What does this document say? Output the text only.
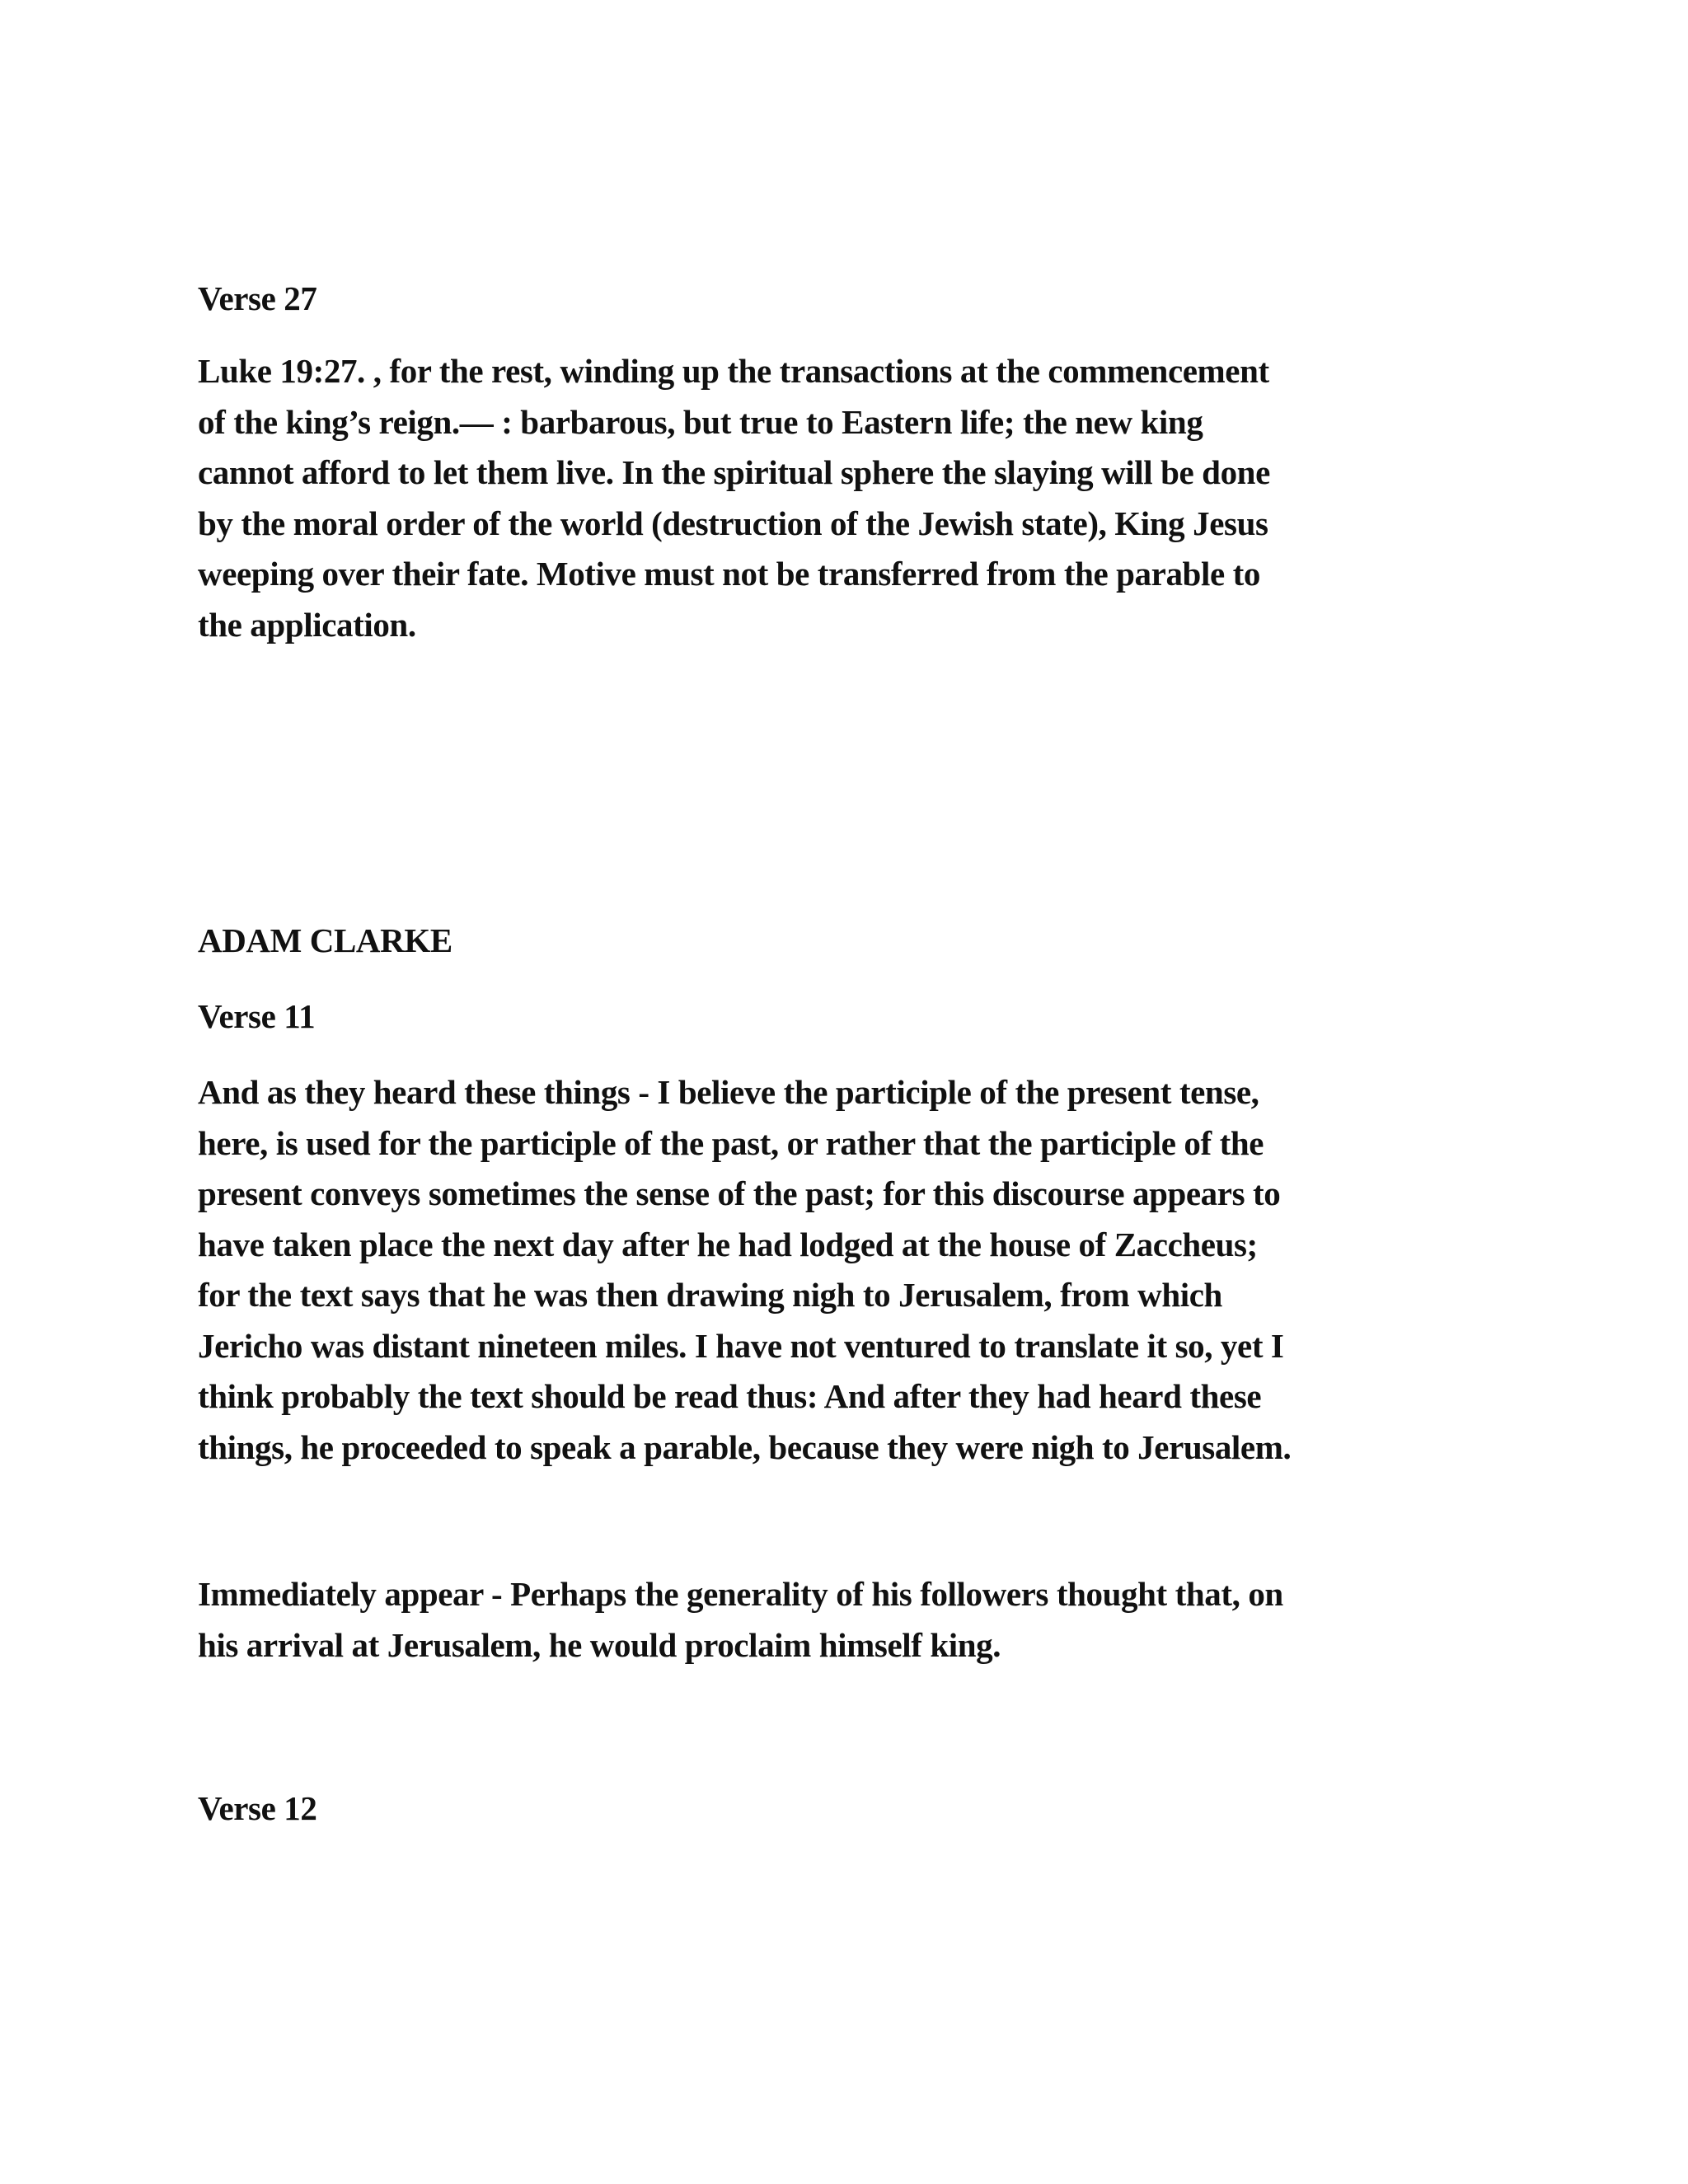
Verse 27

Luke 19:27. , for the rest, winding up the transactions at the commencement
of the king’s reign.— : barbarous, but true to Eastern life; the new king
cannot afford to let them live. In the spiritual sphere the slaying will be done
by the moral order of the world (destruction of the Jewish state), King Jesus
weeping over their fate. Motive must not be transferred from the parable to
the application.

ADAM CLARKE

Verse 11

And as they heard these things - I believe the participle of the present tense,
here, is used for the participle of the past, or rather that the participle of the
present conveys sometimes the sense of the past; for this discourse appears to
have taken place the next day after he had lodged at the house of Zaccheus;
for the text says that he was then drawing nigh to Jerusalem, from which
Jericho was distant nineteen miles. I have not ventured to translate it so, yet I
think probably the text should be read thus: And after they had heard these
things, he proceeded to speak a parable, because they were nigh to Jerusalem.

Immediately appear - Perhaps the generality of his followers thought that, on
his arrival at Jerusalem, he would proclaim himself king.

Verse 12
